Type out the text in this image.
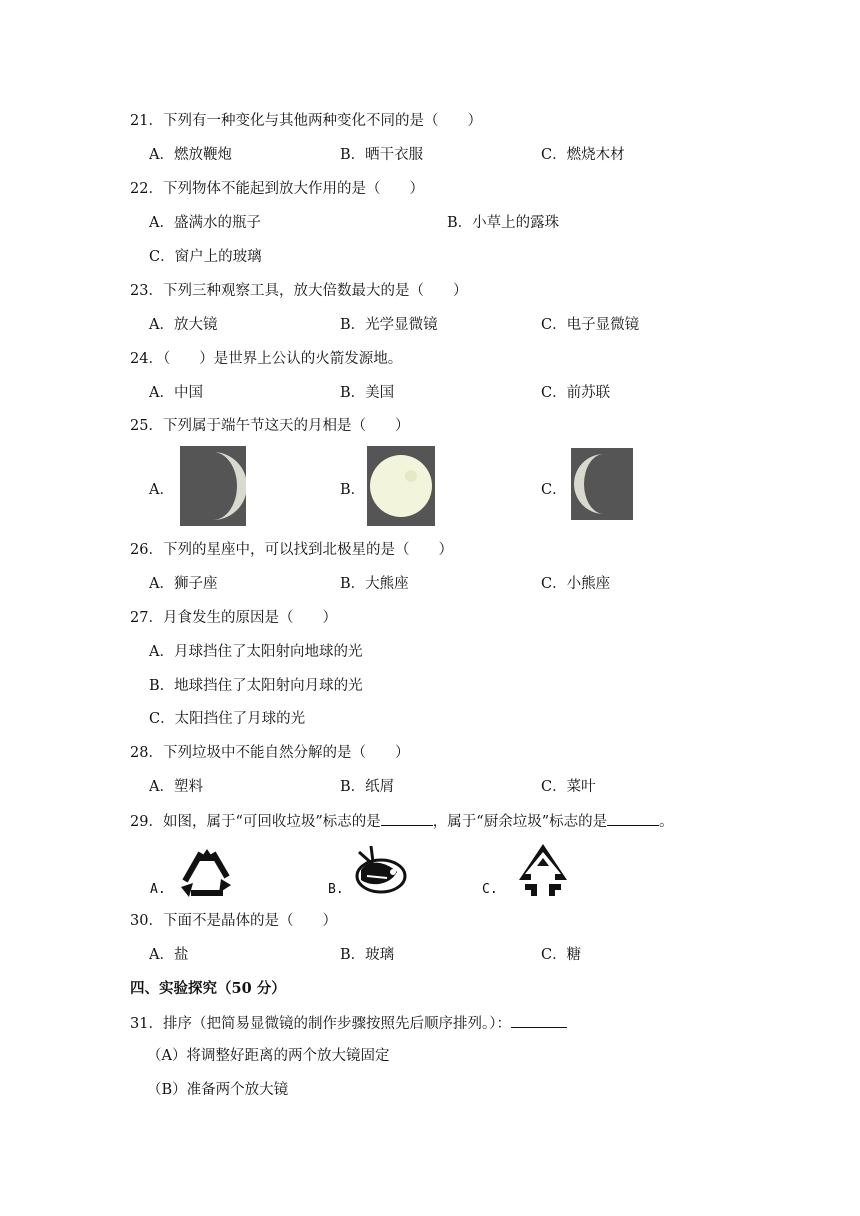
21．下列有一种变化与其他两种变化不同的是（　　）
A．燃放鞭炮	B．晒干衣服	C．燃烧木材
22．下列物体不能起到放大作用的是（　　）
A．盛满水的瓶子	B．小草上的露珠
C．窗户上的玻璃
23．下列三种观察工具，放大倍数最大的是（　　）
A．放大镜	B．光学显微镜	C．电子显微镜
24．（　　）是世界上公认的火箭发源地。
A．中国	B．美国	C．前苏联
25．下列属于端午节这天的月相是（　　）
A．	B．	C．
26．下列的星座中，可以找到北极星的是（　　）
A．狮子座	B．大熊座	C．小熊座
27．月食发生的原因是（　　）
A．月球挡住了太阳射向地球的光
B．地球挡住了太阳射向月球的光
C．太阳挡住了月球的光
28．下列垃圾中不能自然分解的是（　　）
A．塑料	B．纸屑	C．菜叶
29．如图，属于“可回收垃圾”标志的是	，属于“厨余垃圾”标志的是	。
A.	B.	C.
30．下面不是晶体的是（　　）
A．盐	B．玻璃	C．糖
四、实验探究（50 分）
31．排序（把简易显微镜的制作步骤按照先后顺序排列。）：
（A）将调整好距离的两个放大镜固定
（B）准备两个放大镜
